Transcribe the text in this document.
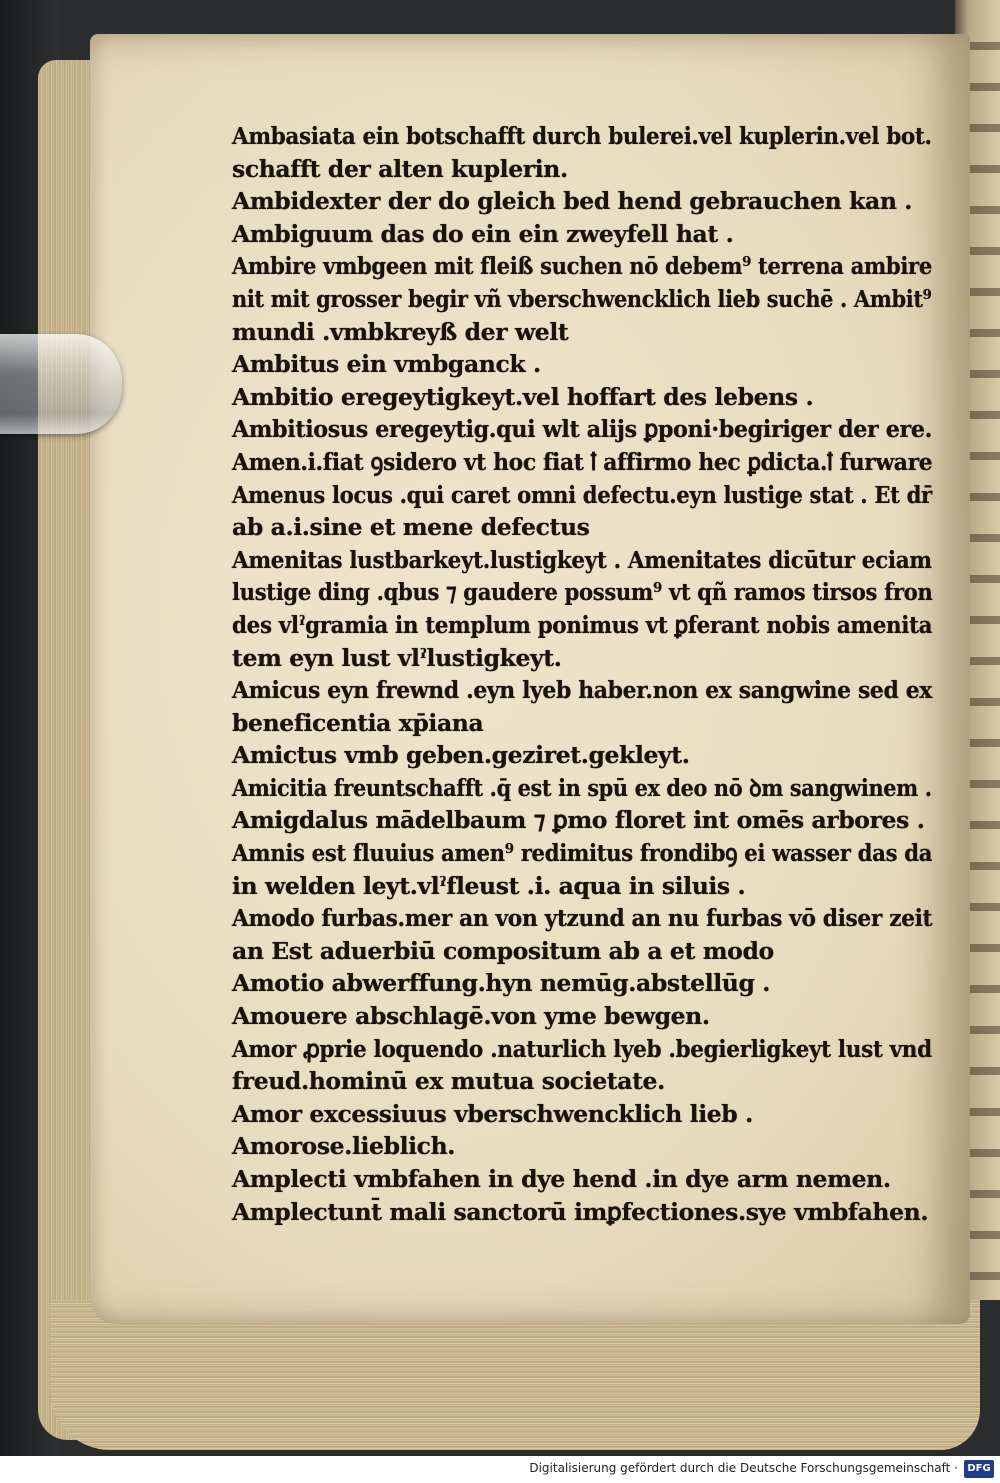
Ambasiata ein botschafft durch bulerei.vel kuplerin.vel bot.
schafft der alten kuplerin.
Ambidexter der do gleich bed hend gebrauchen kan .
Ambiguum das do ein ein zweyfell hat .
Ambire vmbgeen mit fleiß suchen nō debem⁹ terrena ambire
nit mit grosser begir vñ vberschwencklich lieb suchē . Ambit⁹
mundi .vmbkreyß der welt
Ambitus ein vmbganck .
Ambitio eregeytigkeyt.vel hoffart des lebens .
Ambitiosus eregeytig.qui wlt alijs ꝑponi·begiriger der ere.
Amen.i.fiat ꝯsidero vt hoc fiat ꝉ affirmo hec ꝑdicta.ꝉ furware
Amenus locus .qui caret omni defectu.eyn lustige stat . Et dr̄
ab a.i.sine et mene defectus
Amenitas lustbarkeyt.lustigkeyt . Amenitates dicūtur eciam
lustige ding .qbus ⁊ gaudere possum⁹ vt qñ ramos tirsos fron
des vlˀgramia in templum ponimus vt ꝑferant nobis amenita
tem eyn lust vlˀlustigkeyt.
Amicus eyn frewnd .eyn lyeb haber.non ex sangwine sed ex
beneficentia xp̄iana
Amictus vmb geben.geziret.gekleyt.
Amicitia freuntschafft .q̄ est in spū ex deo nō ꝺm sangwinem .
Amigdalus mādelbaum ⁊ ꝑmo floret int omēs arbores .
Amnis est fluuius amen⁹ redimitus frondibꝯ ei wasser das da
in welden leyt.vlˀfleust .i. aqua in siluis .
Amodo furbas.mer an von ytzund an nu furbas vō diser zeit
an Est aduerbiū compositum ab a et modo
Amotio abwerffung.hyn nemūg.abstellūg .
Amouere abschlagē.von yme bewgen.
Amor ꝓprie loquendo .naturlich lyeb .begierligkeyt lust vnd
freud.hominū ex mutua societate.
Amor excessiuus vberschwencklich lieb .
Amorose.lieblich.
Amplecti vmbfahen in dye hend .in dye arm nemen.
Amplectunt̄ mali sanctorū imꝑfectiones.sye vmbfahen.
Digitalisierung gefördert durch die Deutsche Forschungsgemeinschaft · DFG
